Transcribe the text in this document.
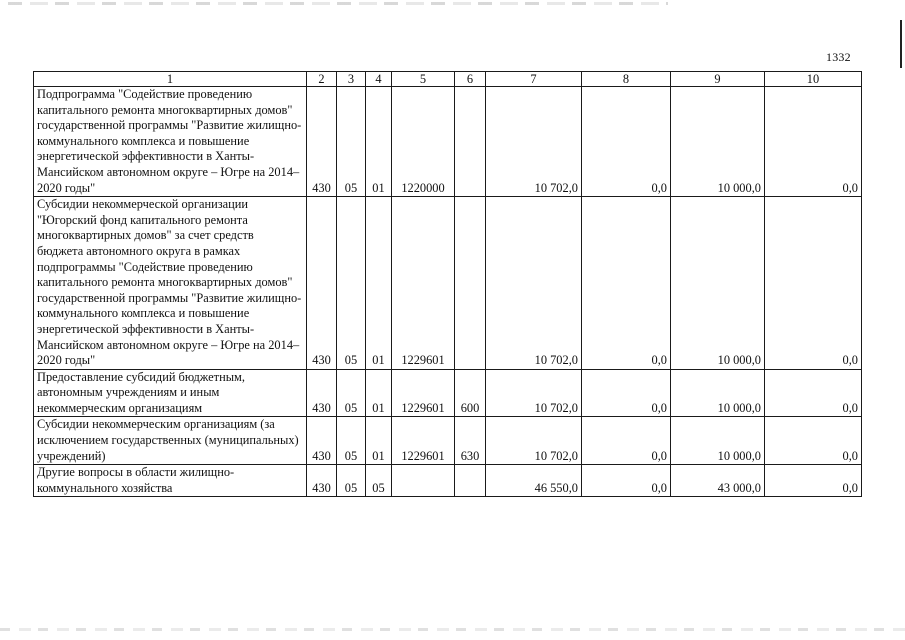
1332
1	2	3	4	5	6	7	8	9	10
Подпрограмма "Содействие проведению капитального ремонта многоквартирных домов" государственной программы "Развитие жилищно-коммунального комплекса и повышение энергетической эффективности в Ханты-Мансийском автономном округе – Югре на 2014–2020 годы"	430	05	01	1220000		10 702,0	0,0	10 000,0	0,0
Субсидии некоммерческой организации "Югорский фонд капитального ремонта многоквартирных домов" за счет средств бюджета автономного округа в рамках подпрограммы "Содействие проведению капитального ремонта многоквартирных домов" государственной программы "Развитие жилищно-коммунального комплекса и повышение энергетической эффективности в Ханты-Мансийском автономном округе – Югре на 2014–2020 годы"	430	05	01	1229601		10 702,0	0,0	10 000,0	0,0
Предоставление субсидий бюджетным, автономным учреждениям и иным некоммерческим организациям	430	05	01	1229601	600	10 702,0	0,0	10 000,0	0,0
Субсидии некоммерческим организациям (за исключением государственных (муниципальных) учреждений)	430	05	01	1229601	630	10 702,0	0,0	10 000,0	0,0
Другие вопросы в области жилищно-коммунального хозяйства	430	05	05			46 550,0	0,0	43 000,0	0,0
